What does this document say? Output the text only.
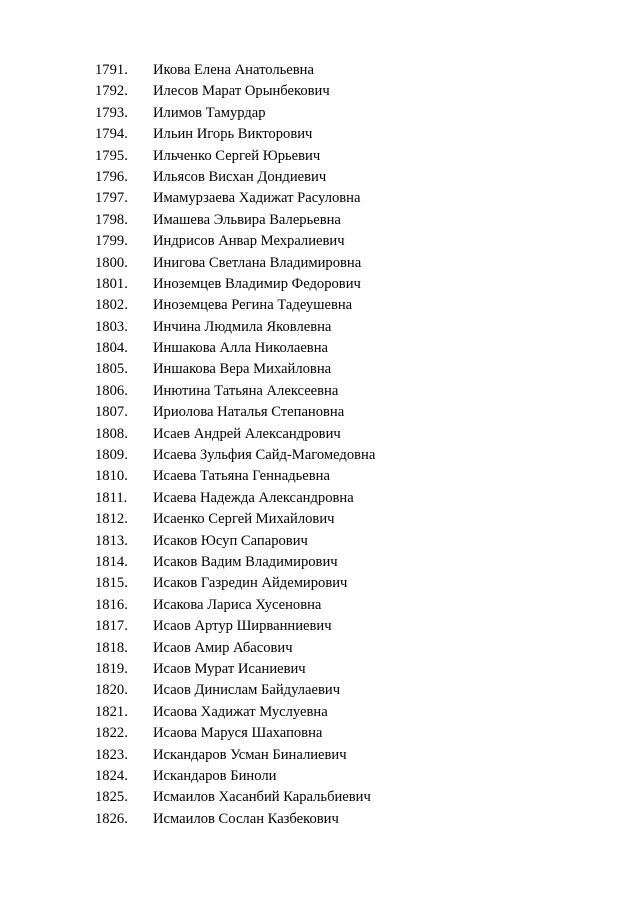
1791.	Икова Елена Анатольевна
1792.	Илесов Марат Орынбекович
1793.	Илимов Тамурдар
1794.	Ильин Игорь Викторович
1795.	Ильченко Сергей Юрьевич
1796.	Ильясов Висхан Дондиевич
1797.	Имамурзаева Хадижат Расуловна
1798.	Имашева Эльвира Валерьевна
1799.	Индрисов Анвар Мехралиевич
1800.	Инигова Светлана Владимировна
1801.	Иноземцев Владимир Федорович
1802.	Иноземцева Регина Тадеушевна
1803.	Инчина Людмила Яковлевна
1804.	Иншакова Алла Николаевна
1805.	Иншакова Вера Михайловна
1806.	Инютина Татьяна Алексеевна
1807.	Ириолова Наталья Степановна
1808.	Исаев Андрей Александрович
1809.	Исаева Зульфия Сайд-Магомедовна
1810.	Исаева Татьяна Геннадьевна
1811.	Исаева Надежда Александровна
1812.	Исаенко Сергей Михайлович
1813.	Исаков Юсуп Сапарович
1814.	Исаков Вадим Владимирович
1815.	Исаков Газредин Айдемирович
1816.	Исакова Лариса Хусеновна
1817.	Исаов Артур Ширванниевич
1818.	Исаов Амир Абасович
1819.	Исаов Мурат Исаниевич
1820.	Исаов Динислам Байдулаевич
1821.	Исаова Хадижат Муслуевна
1822.	Исаова Маруся Шахаповна
1823.	Искандаров Усман Биналиевич
1824.	Искандаров Биноли
1825.	Исмаилов Хасанбий Каральбиевич
1826.	Исмаилов Сослан Казбекович
